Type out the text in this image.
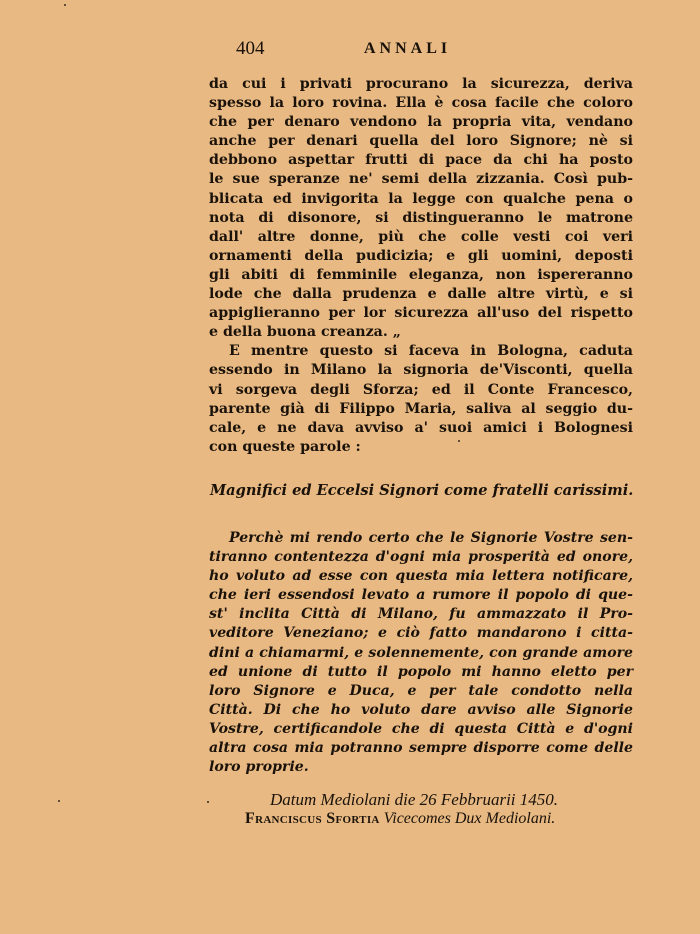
404	ANNALI
da cui i privati procurano la sicurezza, deriva
spesso la loro rovina. Ella è cosa facile che coloro
che per denaro vendono la propria vita, vendano
anche per denari quella del loro Signore; nè si
debbono aspettar frutti di pace da chi ha posto
le sue speranze ne' semi della zizzania. Così pub-
blicata ed invigorita la legge con qualche pena o
nota di disonore, si distingueranno le matrone
dall' altre donne, più che colle vesti coi veri
ornamenti della pudicizia; e gli uomini, deposti
gli abiti di femminile eleganza, non ispereranno
lode che dalla prudenza e dalle altre virtù, e si
appiglieranno per lor sicurezza all'uso del rispetto
e della buona creanza. „
E mentre questo si faceva in Bologna, caduta
essendo in Milano la signoria de'Visconti, quella
vi sorgeva degli Sforza; ed il Conte Francesco,
parente già di Filippo Maria, saliva al seggio du-
cale, e ne dava avviso a' suoi amici i Bolognesi
con queste parole :

Magnifici ed Eccelsi Signori come fratelli carissimi.

Perchè mi rendo certo che le Signorie Vostre sen-
tiranno contentezza d'ogni mia prosperità ed onore,
ho voluto ad esse con questa mia lettera notificare,
che ieri essendosi levato a rumore il popolo di que-
st' inclita Città di Milano, fu ammazzato il Pro-
veditore Veneziano; e ciò fatto mandarono i citta-
dini a chiamarmi, e solennemente, con grande amore
ed unione di tutto il popolo mi hanno eletto per
loro Signore e Duca, e per tale condotto nella
Città. Di che ho voluto dare avviso alle Signorie
Vostre, certificandole che di questa Città e d'ogni
altra cosa mia potranno sempre disporre come delle
loro proprie.

Datum Mediolani die 26 Febbruarii 1450.

Franciscus Sfortia Vicecomes Dux Mediolani.
